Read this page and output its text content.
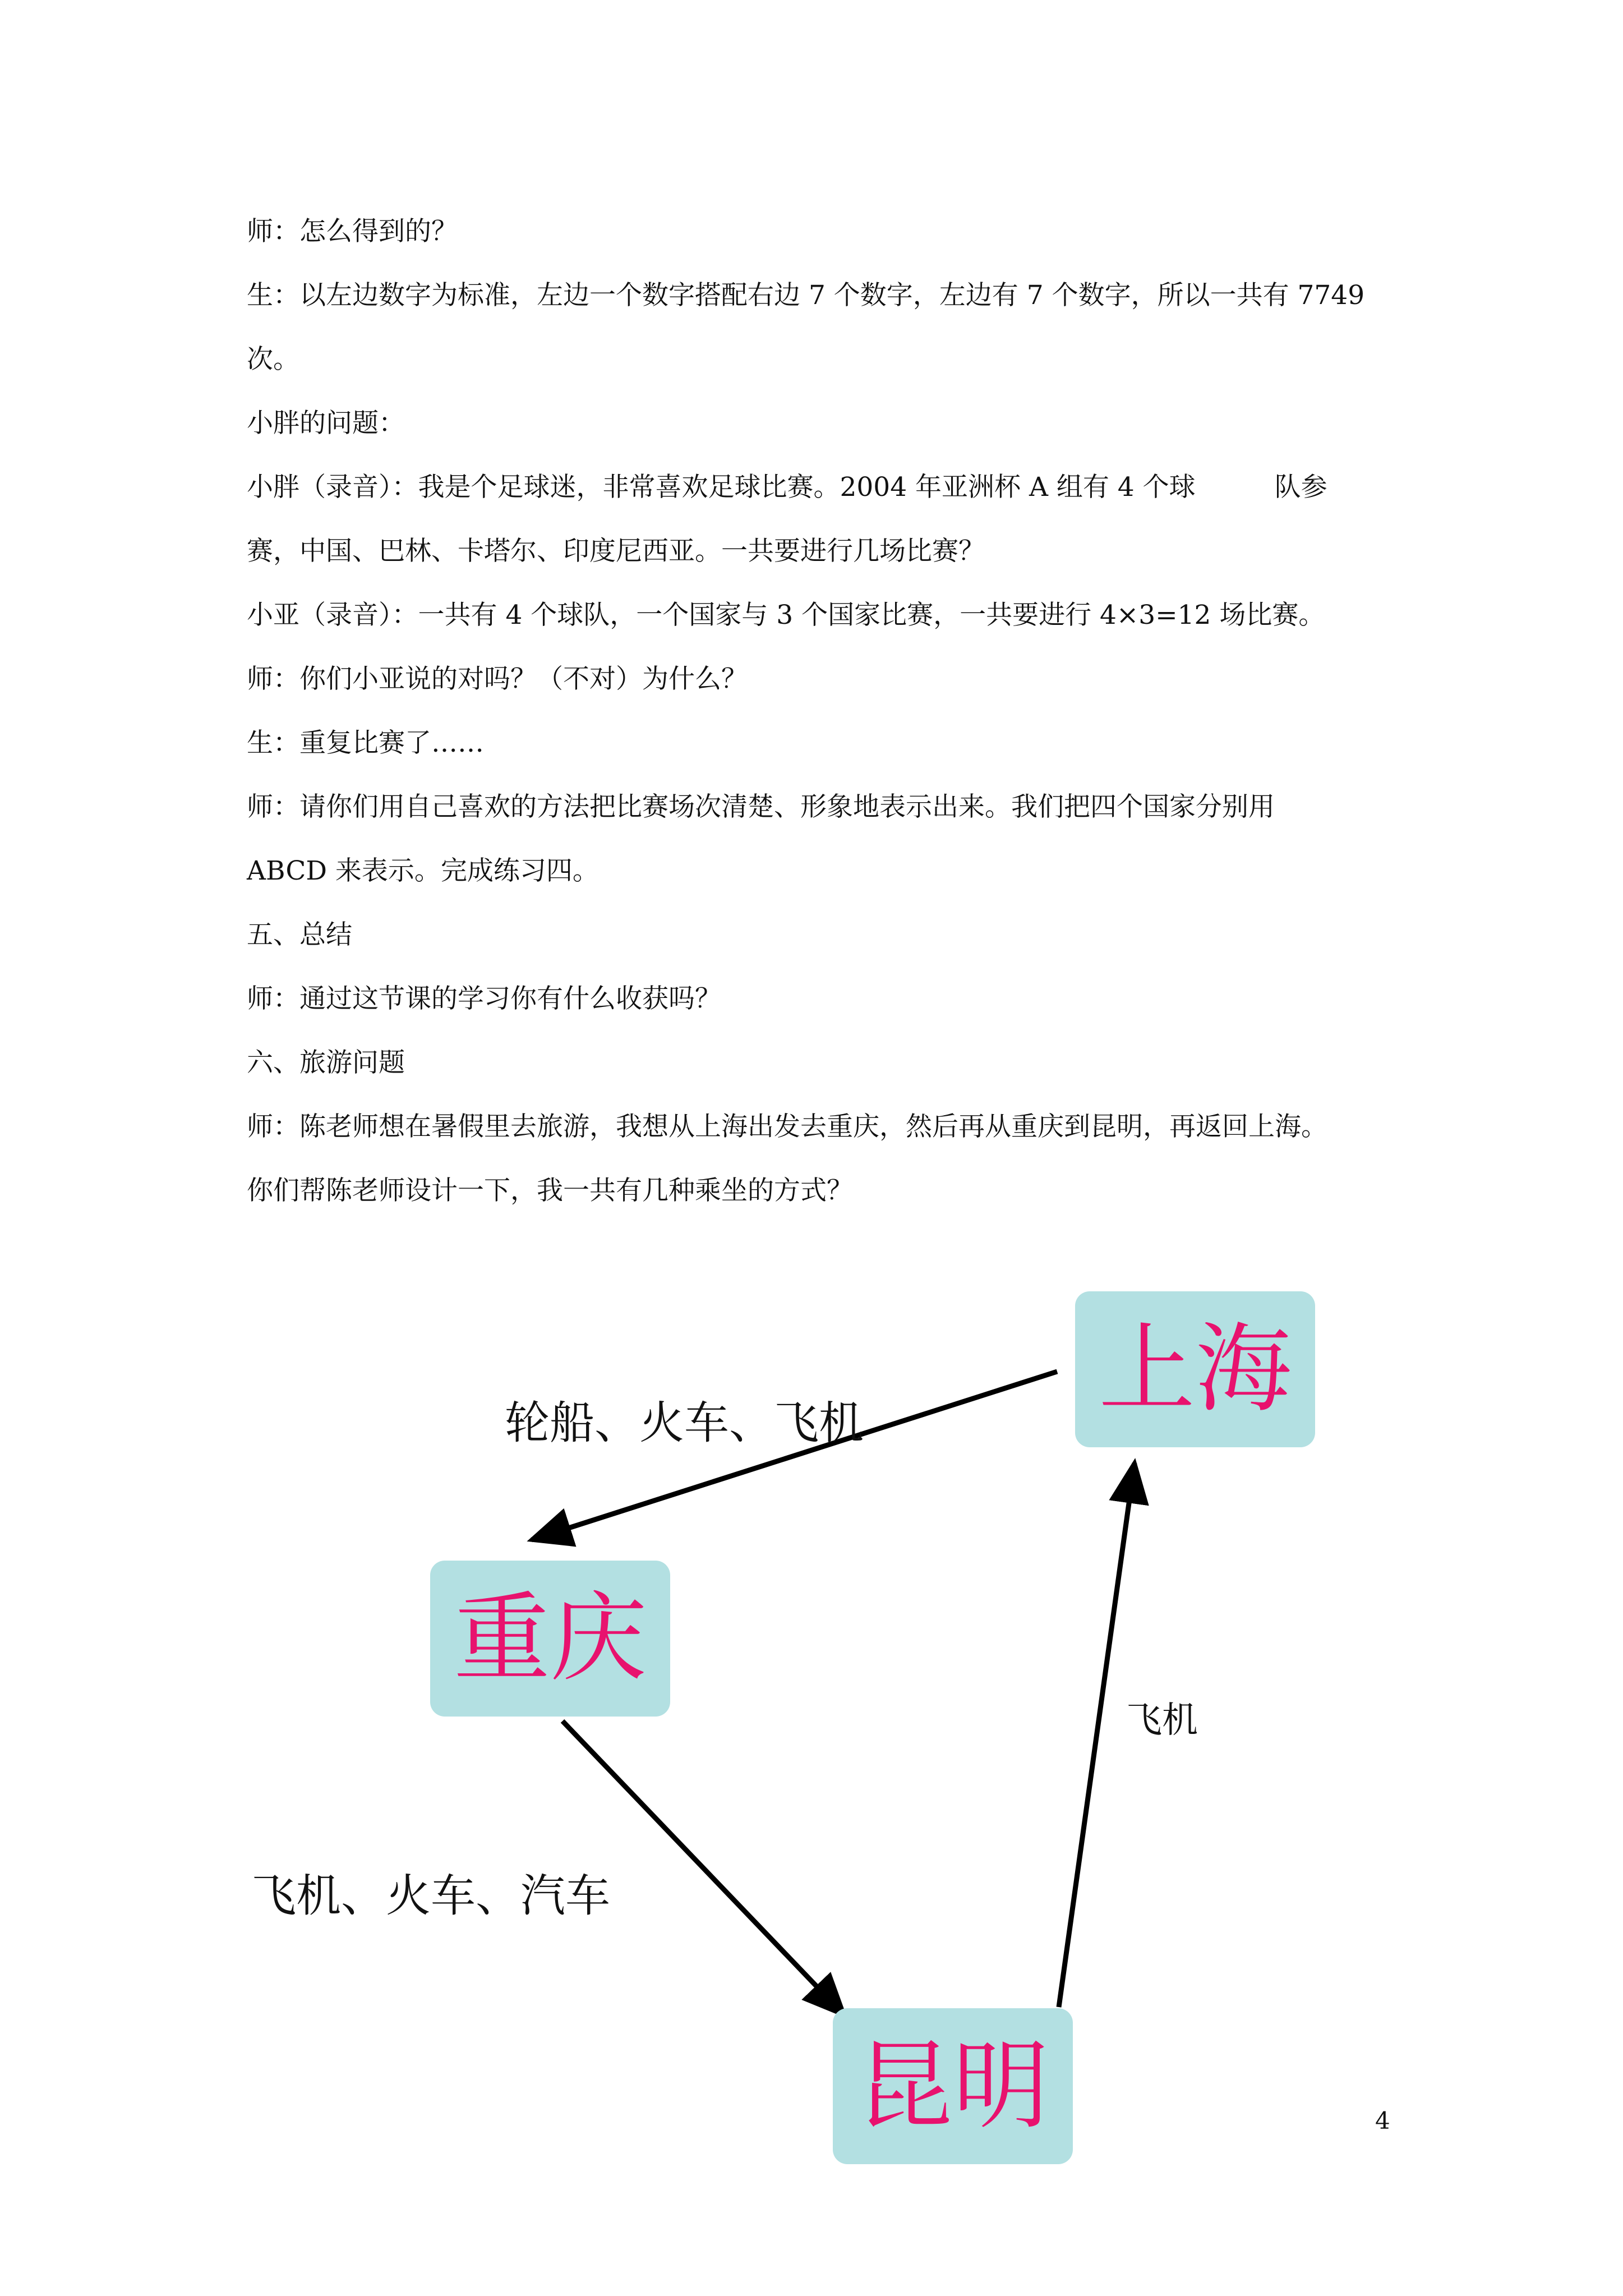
师：怎么得到的？
生：以左边数字为标准，左边一个数字搭配右边 7 个数字，左边有 7 个数字，所以一共有 7749
次。
小胖的问题：
小胖（录音）：我是个足球迷，非常喜欢足球比赛。2004 年亚洲杯 A 组有 4 个球　　　队参
赛，中国、巴林、卡塔尔、印度尼西亚。一共要进行几场比赛？
小亚（录音）：一共有 4 个球队，一个国家与 3 个国家比赛，一共要进行 4×3=12 场比赛。
师：你们小亚说的对吗？（不对）为什么？
生：重复比赛了……
师：请你们用自己喜欢的方法把比赛场次清楚、形象地表示出来。我们把四个国家分别用
ABCD 来表示。完成练习四。
五、总结
师：通过这节课的学习你有什么收获吗？
六、旅游问题
师：陈老师想在暑假里去旅游，我想从上海出发去重庆，然后再从重庆到昆明，再返回上海。
你们帮陈老师设计一下，我一共有几种乘坐的方式？
上海
重庆
昆明
轮船、火车、飞机
飞机、火车、汽车
飞机
4
